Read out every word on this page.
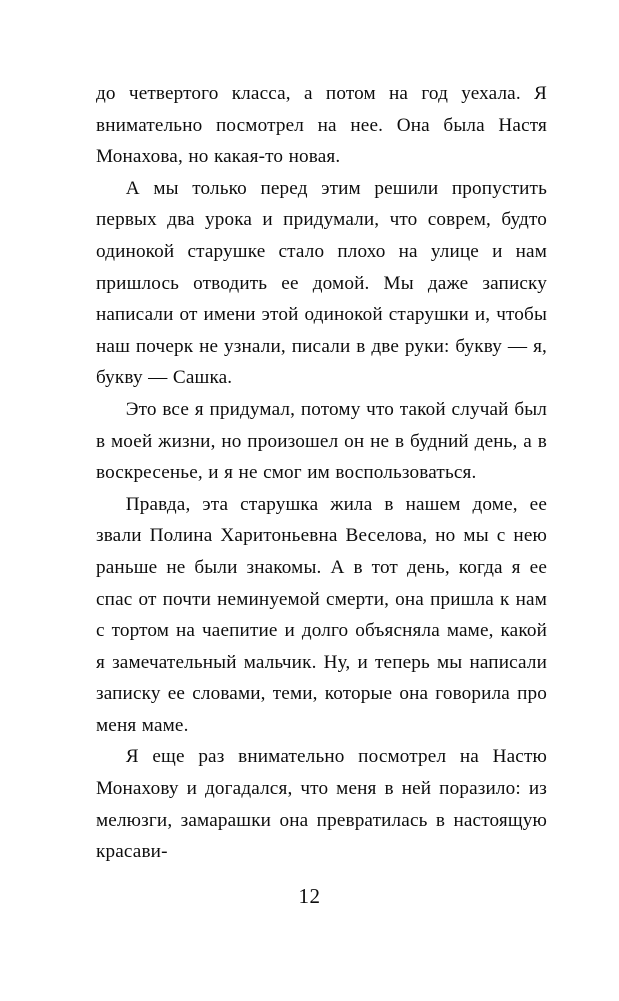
до четвертого класса, а потом на год уехала. Я внимательно посмотрел на нее. Она была Настя Монахова, но какая-то новая.

А мы только перед этим решили пропустить первых два урока и придумали, что соврем, будто одинокой старушке стало плохо на улице и нам пришлось отводить ее домой. Мы даже записку написали от имени этой одинокой старушки и, чтобы наш почерк не узнали, писали в две руки: букву — я, букву — Сашка.

Это все я придумал, потому что такой случай был в моей жизни, но произошел он не в будний день, а в воскресенье, и я не смог им воспользоваться.

Правда, эта старушка жила в нашем доме, ее звали Полина Харитоньевна Веселова, но мы с нею раньше не были знакомы. А в тот день, когда я ее спас от почти неминуемой смерти, она пришла к нам с тортом на чаепитие и долго объясняла маме, какой я замечательный мальчик. Ну, и теперь мы написали записку ее словами, теми, которые она говорила про меня маме.

Я еще раз внимательно посмотрел на Настю Монахову и догадался, что меня в ней поразило: из мелюзги, замарашки она превратилась в настоящую красави-

12
